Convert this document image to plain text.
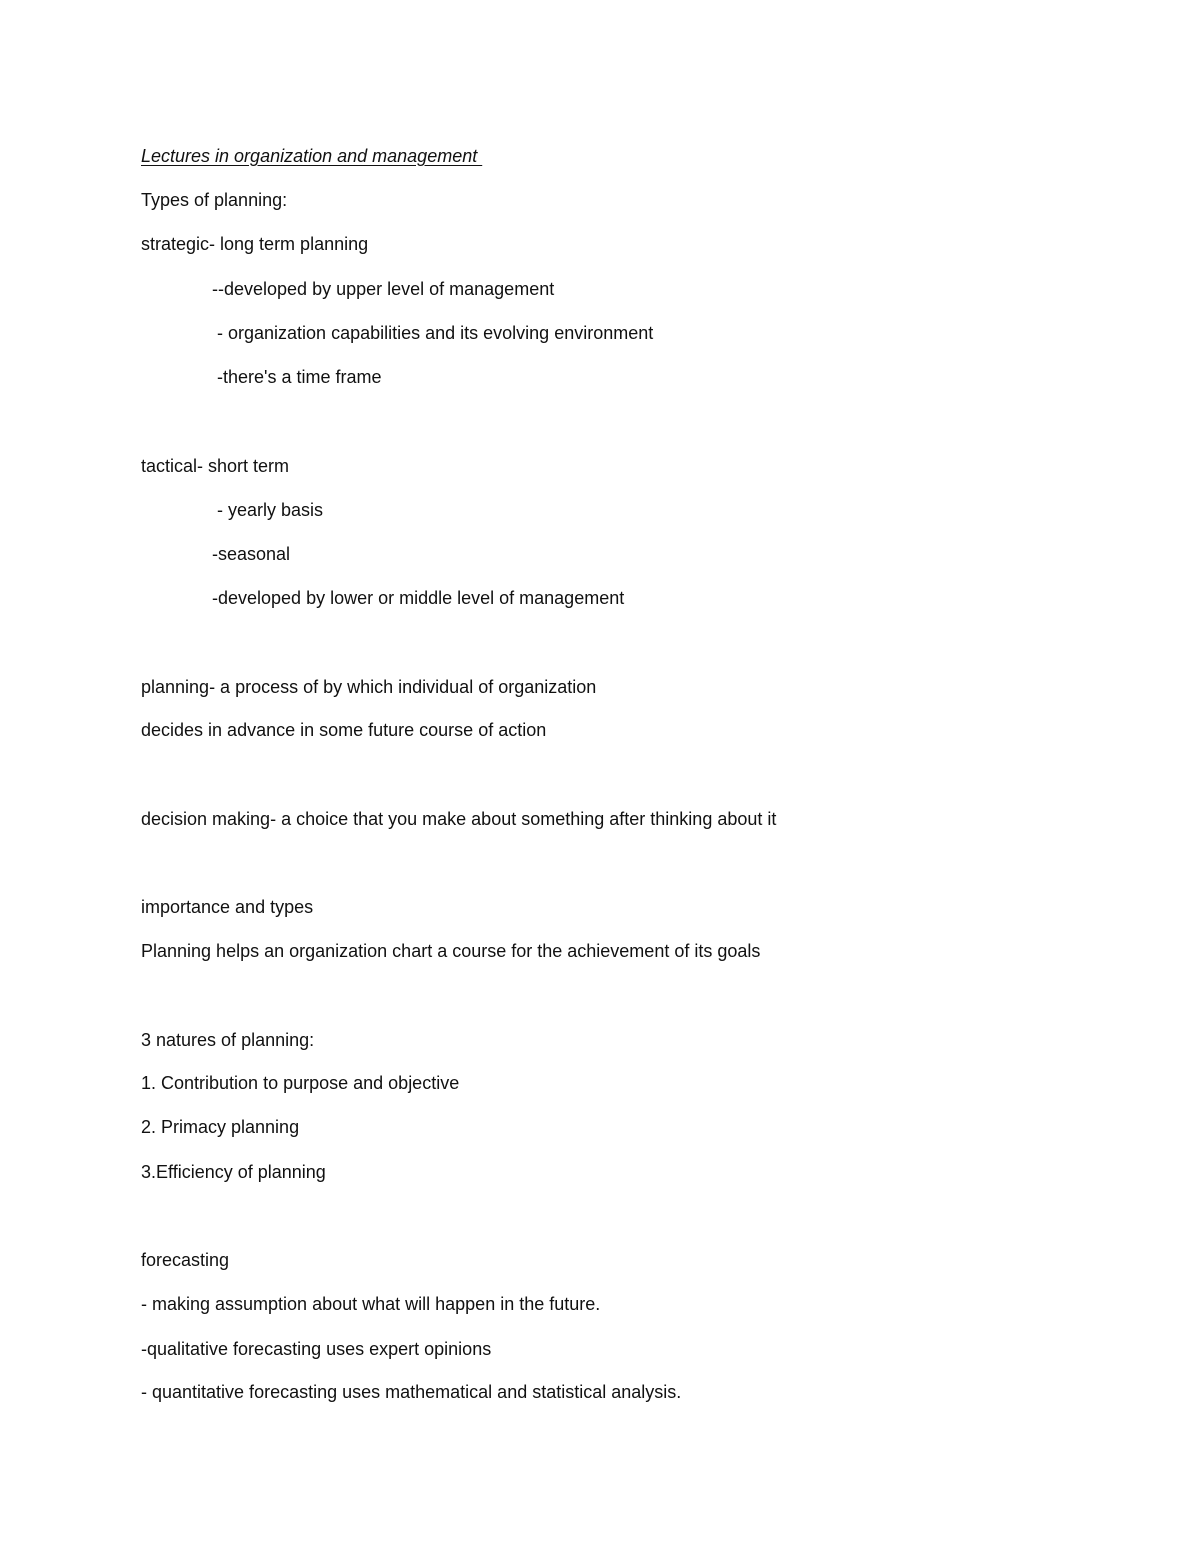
Lectures in organization and management
Types of planning:
strategic- long term planning
--developed by upper level of management
- organization capabilities and its evolving environment
-there's a time frame
tactical- short term
- yearly basis
-seasonal
-developed by lower or middle level of management
planning- a process of by which individual of organization
decides in advance in some future course of action
decision making- a choice that you make about something after thinking about it
importance and types
Planning helps an organization chart a course for the achievement of its goals
3 natures of planning:
1. Contribution to purpose and objective
2. Primacy planning
3.Efficiency of planning
forecasting
- making assumption about what will happen in the future.
-qualitative forecasting uses expert opinions
- quantitative forecasting uses mathematical and statistical analysis.
